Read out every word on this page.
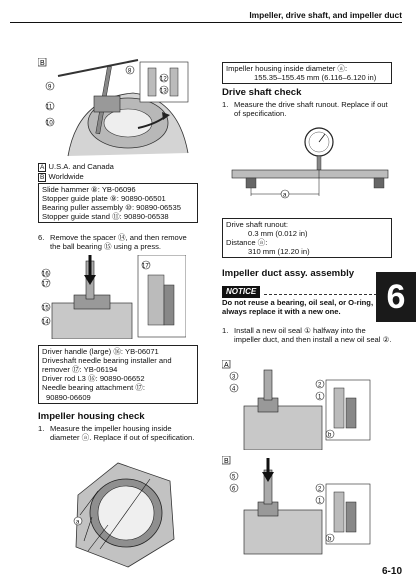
Impeller, drive shaft, and impeller duct
B
9
11
10
8
12
13
A U.S.A. and Canada
B Worldwide
Slide hammer ⑧: YB-06096
Stopper guide plate ⑨: 90890-06501
Bearing puller assembly ⑩: 90890-06535
Stopper guide stand ⑪: 90890-06538
6. Remove the spacer ⑭, and then remove the ball bearing ⑮ using a press.
16
17
17
15
14
Driver handle (large) ⑯: YB-06071
Driveshaft needle bearing installer and
remover ⑰: YB-06194
Driver rod L3 ⑯: 90890-06652
Needle bearing attachment ⑰:
90890-06609
Impeller housing check
1. Measure the impeller housing inside diameter ⓐ. Replace if out of specification.
a
Impeller housing inside diameter ⓐ:
155.35–155.45 mm (6.116–6.120 in)
Drive shaft check
1. Measure the drive shaft runout. Replace if out of specification.
a
Drive shaft runout:
0.3 mm (0.012 in)
Distance ⓐ:
310 mm (12.20 in)
Impeller duct assy. assembly
NOTICE
Do not reuse a bearing, oil seal, or O-ring, always replace it with a new one.
1. Install a new oil seal ① halfway into the impeller duct, and then install a new oil seal ②.
A
3
4
2
1
b
B
5
6	2
1
b
6
6-10
